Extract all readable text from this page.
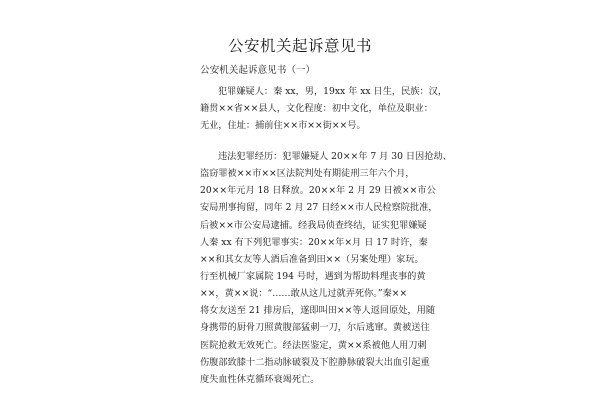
公安机关起诉意见书
公安机关起诉意见书（一）
犯罪嫌疑人：秦 xx，男，19xx 年 xx 日生，民族：汉，
籍贯××省××县人，文化程度：初中文化，单位及职业：
无业，住址：捕前住××市××街××号。
违法犯罪经历：犯罪嫌疑人 20××年 7 月 30 日因抢劫、
盗窃罪被××市××区法院判处有期徒刑三年六个月，
20××年元月 18 日释放。20××年 2 月 29 日被××市公
安局刑事拘留，同年 2 月 27 日经××市人民检察院批准，
后被××市公安局逮捕。经我局侦查终结，证实犯罪嫌疑
人秦 xx 有下列犯罪事实：20××年×月 日 17 时许，秦
××和其女友等人酒后准备到田××（另案处理）家玩。
行至机械厂家属院 194 号时，遇到为帮助料理丧事的黄
××，黄××说：“……敢从这儿过就弄死你。”秦××
将女友送至 21 排房后，遂即叫田××等人返回原处，用随
身携带的厨骨刀照黄腹部猛刺一刀，尔后逃窜。黄被送往
医院抢救无效死亡。经法医鉴定，黄××系被他人用刀刺
伤腹部致膝十二指动脉破裂及下腔静脉破裂大出血引起重
度失血性休克循环衰竭死亡。
